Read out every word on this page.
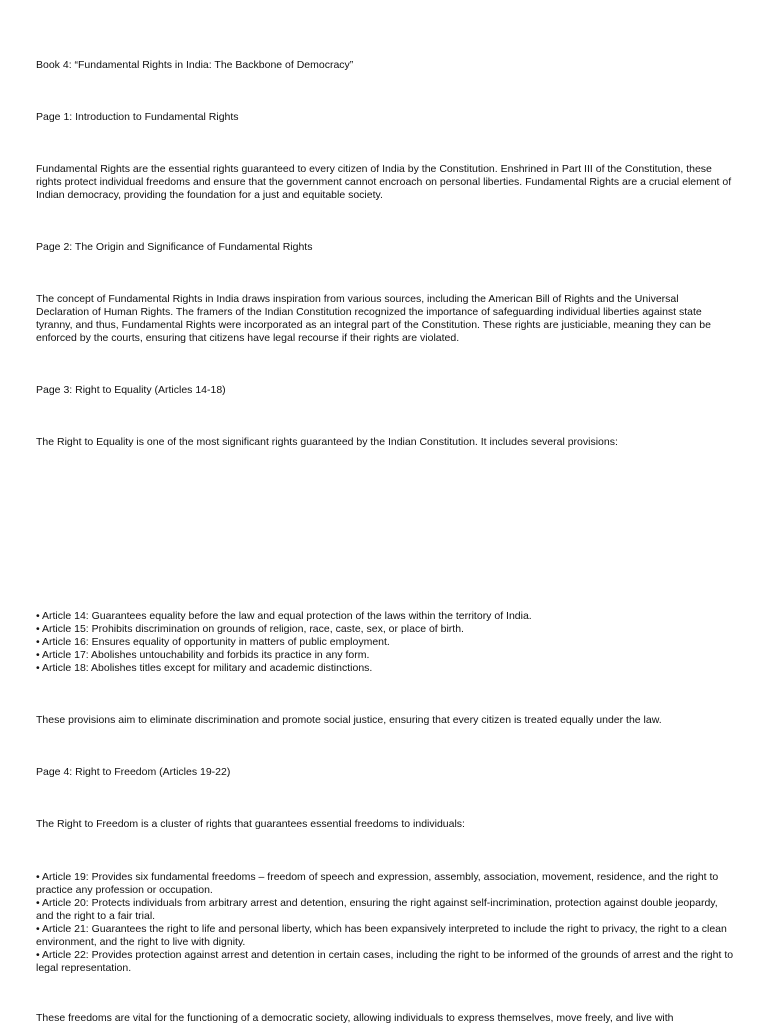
Book 4: “Fundamental Rights in India: The Backbone of Democracy”

Page 1: Introduction to Fundamental Rights

Fundamental Rights are the essential rights guaranteed to every citizen of India by the Constitution. Enshrined in Part III of the Constitution, these rights protect individual freedoms and ensure that the government cannot encroach on personal liberties. Fundamental Rights are a crucial element of Indian democracy, providing the foundation for a just and equitable society.

Page 2: The Origin and Significance of Fundamental Rights

The concept of Fundamental Rights in India draws inspiration from various sources, including the American Bill of Rights and the Universal Declaration of Human Rights. The framers of the Indian Constitution recognized the importance of safeguarding individual liberties against state tyranny, and thus, Fundamental Rights were incorporated as an integral part of the Constitution. These rights are justiciable, meaning they can be enforced by the courts, ensuring that citizens have legal recourse if their rights are violated.

Page 3: Right to Equality (Articles 14-18)

The Right to Equality is one of the most significant rights guaranteed by the Indian Constitution. It includes several provisions:

• Article 14: Guarantees equality before the law and equal protection of the laws within the territory of India.
• Article 15: Prohibits discrimination on grounds of religion, race, caste, sex, or place of birth.
• Article 16: Ensures equality of opportunity in matters of public employment.
• Article 17: Abolishes untouchability and forbids its practice in any form.
• Article 18: Abolishes titles except for military and academic distinctions.

These provisions aim to eliminate discrimination and promote social justice, ensuring that every citizen is treated equally under the law.

Page 4: Right to Freedom (Articles 19-22)

The Right to Freedom is a cluster of rights that guarantees essential freedoms to individuals:

• Article 19: Provides six fundamental freedoms – freedom of speech and expression, assembly, association, movement, residence, and the right to practice any profession or occupation.
• Article 20: Protects individuals from arbitrary arrest and detention, ensuring the right against self-incrimination, protection against double jeopardy, and the right to a fair trial.
• Article 21: Guarantees the right to life and personal liberty, which has been expansively interpreted to include the right to privacy, the right to a clean environment, and the right to live with dignity.
• Article 22: Provides protection against arrest and detention in certain cases, including the right to be informed of the grounds of arrest and the right to legal representation.

These freedoms are vital for the functioning of a democratic society, allowing individuals to express themselves, move freely, and live with
